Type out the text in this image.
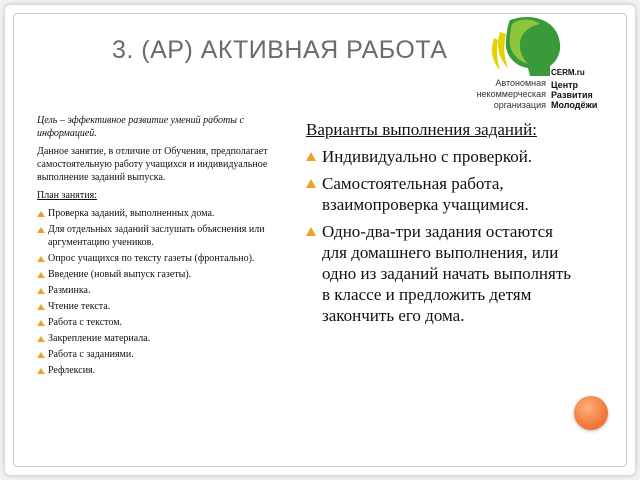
3. (АР) АКТИВНАЯ РАБОТА
Автономная
некоммерческая
организация
CERM.ru
Центр
Развития
Молодёжи

Цель – эффективное развитие умений работы с информацией.

Данное занятие, в отличие от Обучения, предполагает самостоятельную работу учащихся и индивидуальное выполнение заданий выпуска.

План занятия:

Проверка заданий, выполненных дома.
Для отдельных заданий заслушать объяснения или аргументацию учеников.
Опрос учащихся по тексту газеты (фронтально).
Введение (новый выпуск газеты).
Разминка.
Чтение текста.
Работа с текстом.
Закрепление материала.
Работа с заданиями.
Рефлексия.

Варианты выполнения заданий:

Индивидуально с проверкой.
Самостоятельная работа, взаимопроверка учащимися.
Одно-два-три задания остаются для домашнего выполнения, или одно из заданий начать выполнять в классе и предложить детям закончить его дома.
